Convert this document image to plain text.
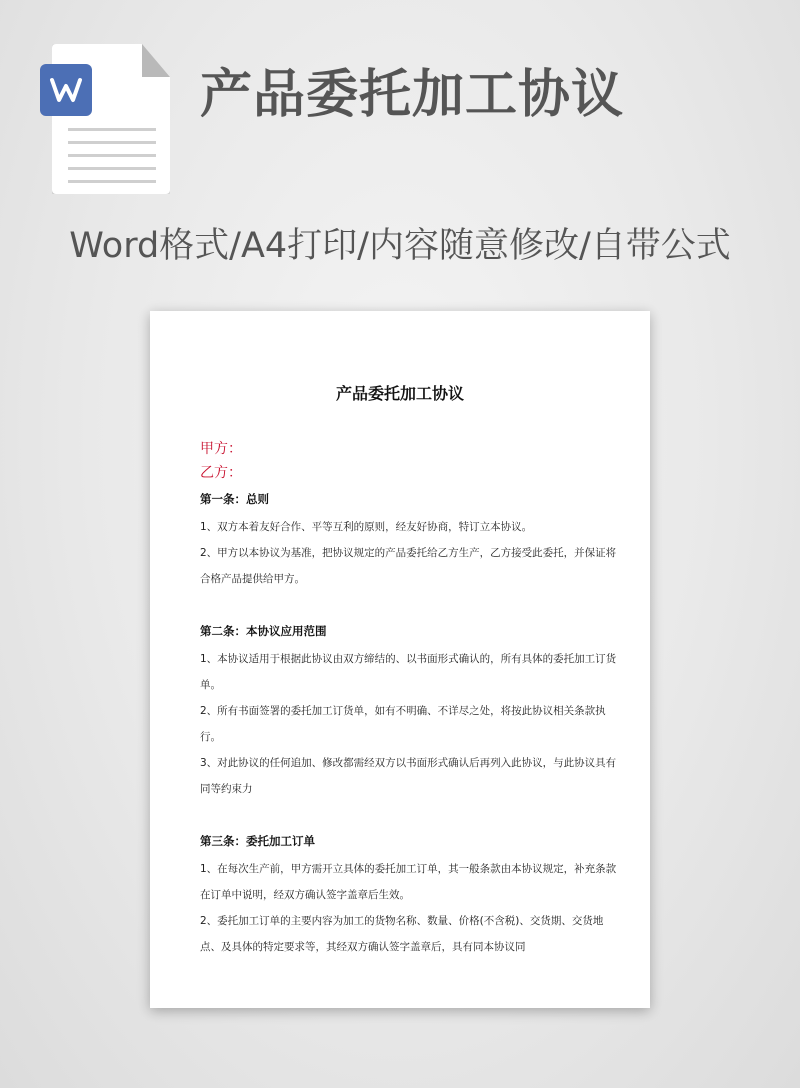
产品委托加工协议
Word格式/A4打印/内容随意修改/自带公式
产品委托加工协议

甲方：

乙方：

第一条：总则

1、双方本着友好合作、平等互利的原则，经友好协商，特订立本协议。

2、甲方以本协议为基准，把协议规定的产品委托给乙方生产，乙方接受此委托，并保证将合格产品提供给甲方。

第二条：本协议应用范围

1、本协议适用于根据此协议由双方缔结的、以书面形式确认的，所有具体的委托加工订货单。

2、所有书面签署的委托加工订货单，如有不明确、不详尽之处，将按此协议相关条款执行。

3、对此协议的任何追加、修改都需经双方以书面形式确认后再列入此协议，与此协议具有同等约束力

第三条：委托加工订单

1、在每次生产前，甲方需开立具体的委托加工订单，其一般条款由本协议规定，补充条款在订单中说明，经双方确认签字盖章后生效。

2、委托加工订单的主要内容为加工的货物名称、数量、价格(不含税)、交货期、交货地点、及具体的特定要求等，其经双方确认签字盖章后，具有同本协议同
